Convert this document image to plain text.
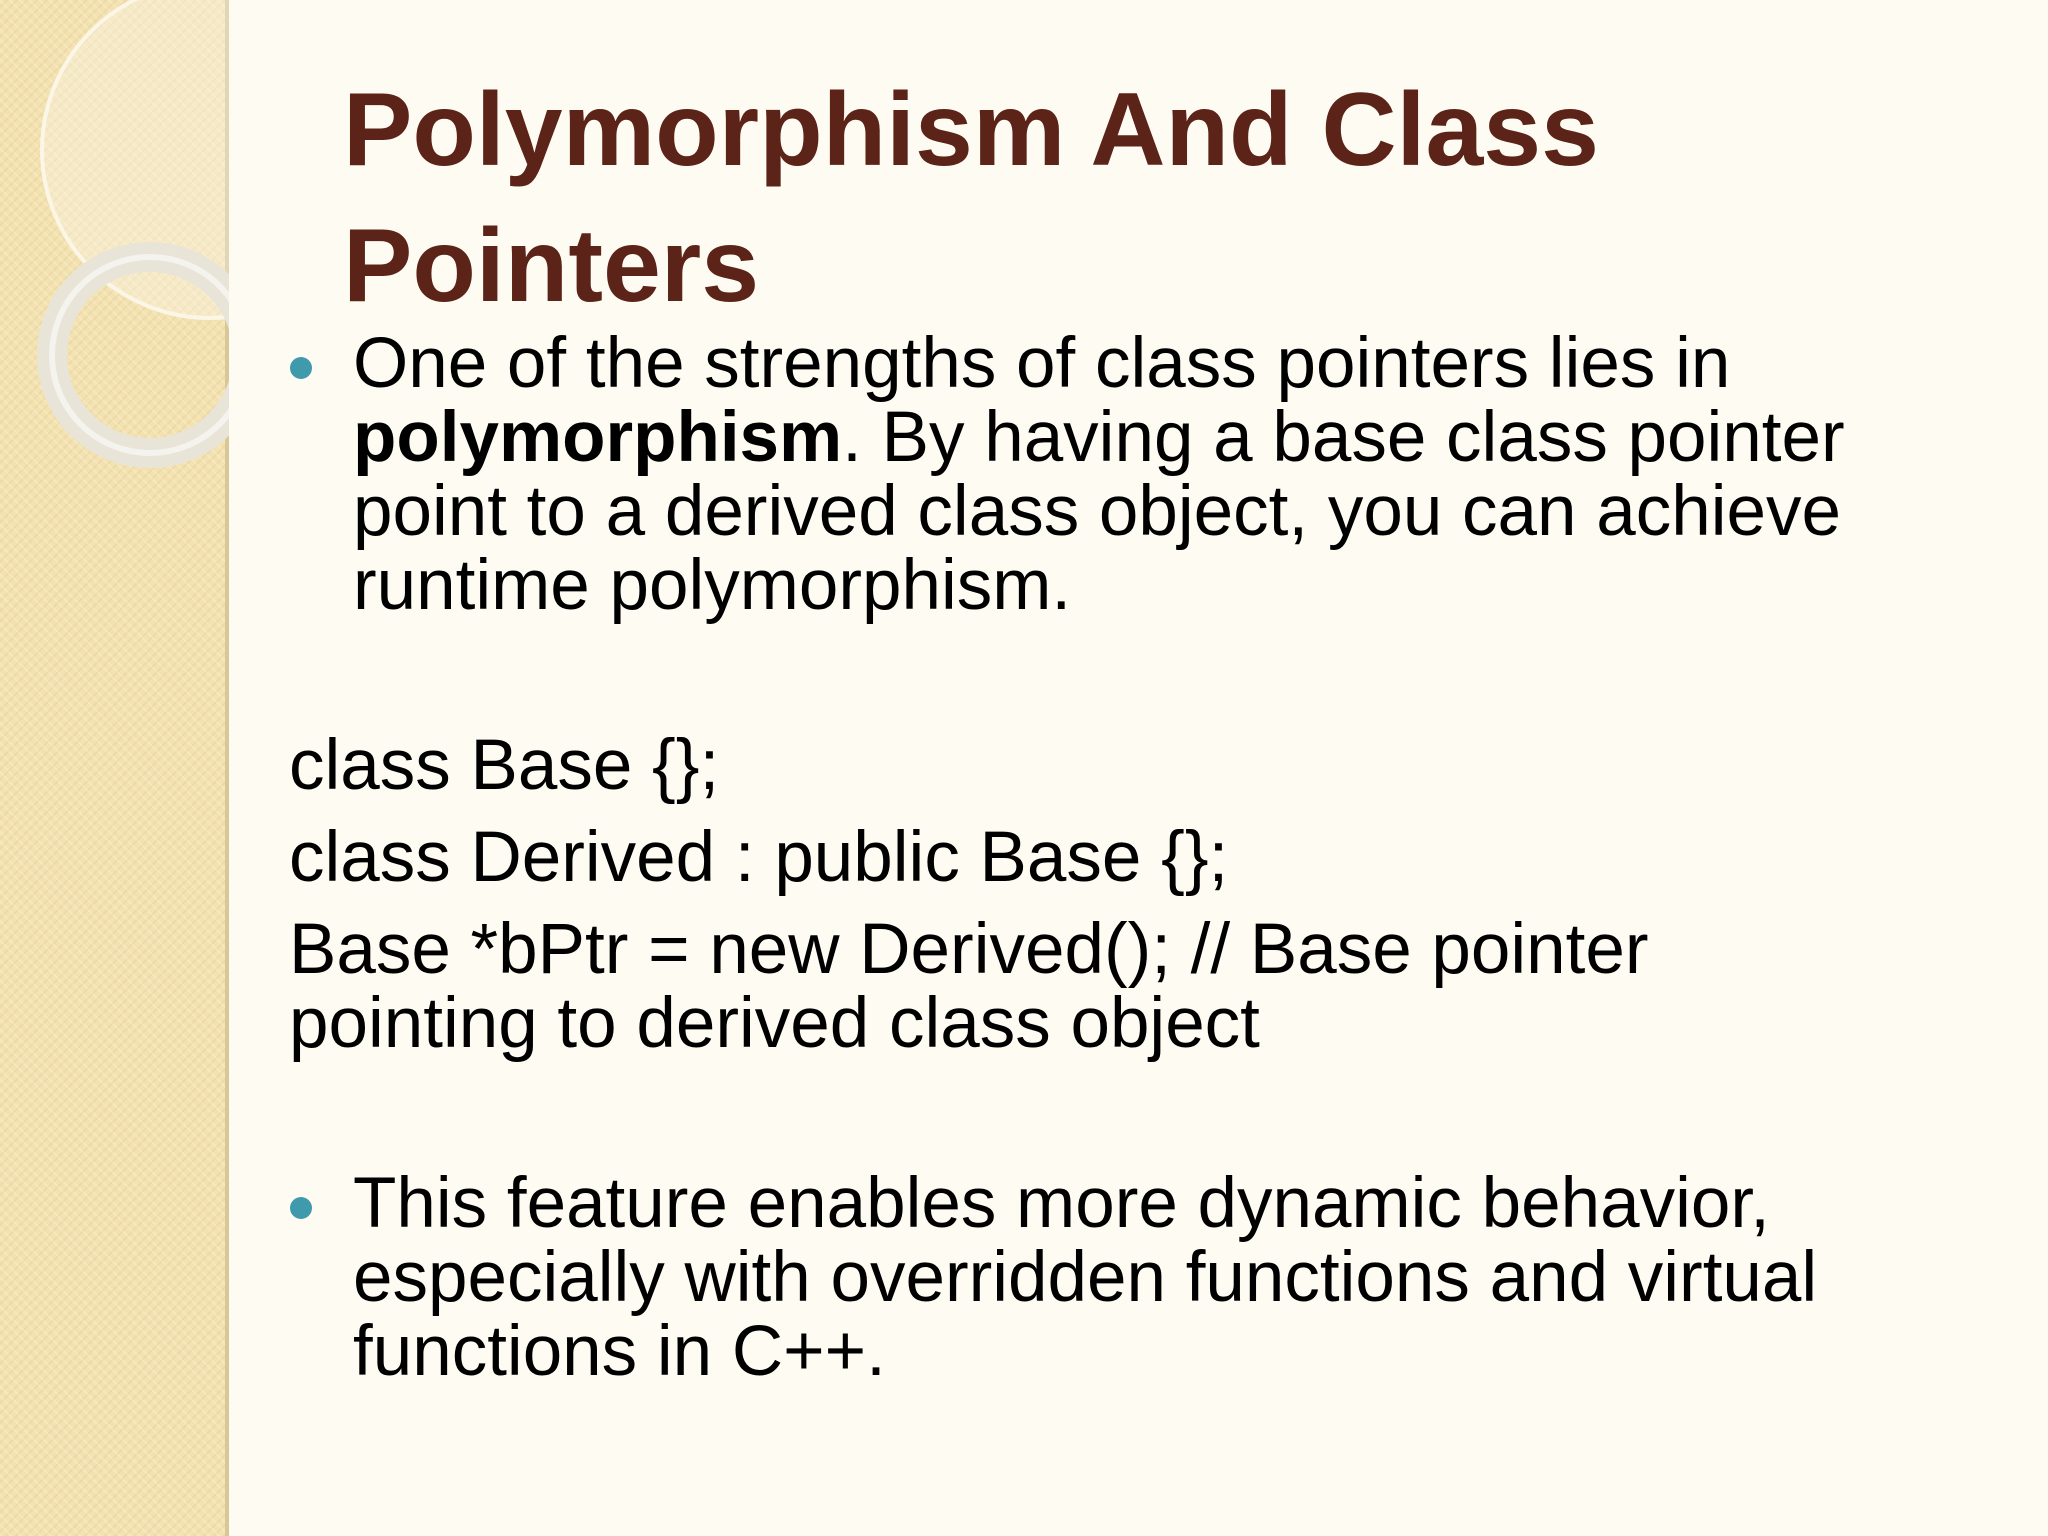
Polymorphism And Class Pointers
One of the strengths of class pointers lies in polymorphism. By having a base class pointer point to a derived class object, you can achieve runtime polymorphism.
class Base {};
class Derived : public Base {};
Base *bPtr = new Derived(); // Base pointer pointing to derived class object
This feature enables more dynamic behavior, especially with overridden functions and virtual functions in C++.
